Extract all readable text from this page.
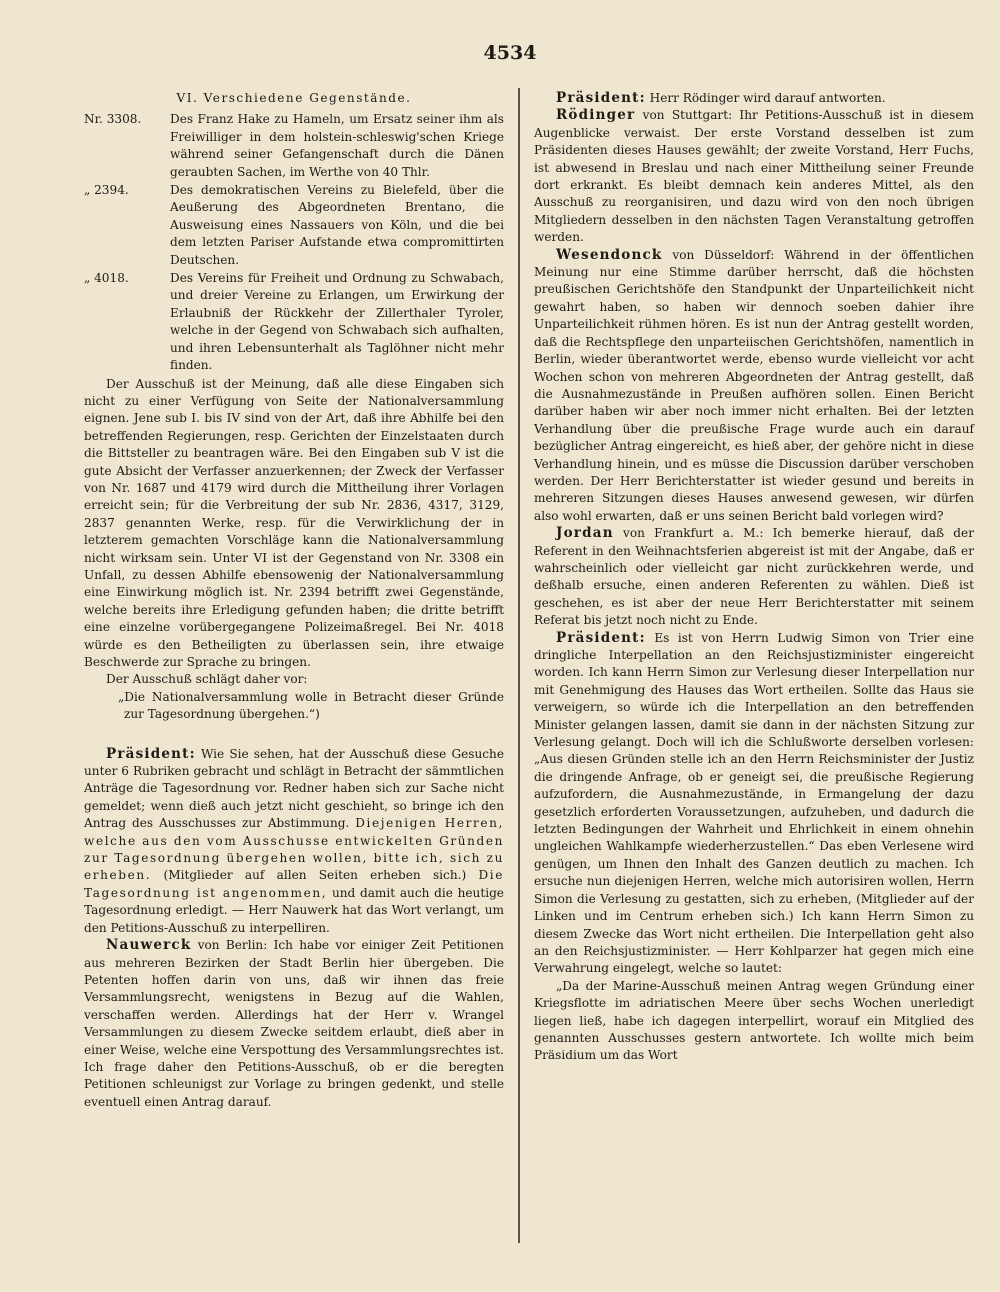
4534

VI. Verschiedene Gegenstände.

Nr. 3308.	Des Franz Hake zu Hameln, um Ersatz seiner ihm als Freiwilliger in dem holstein-schleswig'schen Kriege während seiner Gefangenschaft durch die Dänen geraubten Sachen, im Werthe von 40 Thlr.
„ 2394.	Des demokratischen Vereins zu Bielefeld, über die Aeußerung des Abgeordneten Brentano, die Ausweisung eines Nassauers von Köln, und die bei dem letzten Pariser Aufstande etwa compromittirten Deutschen.
„ 4018.	Des Vereins für Freiheit und Ordnung zu Schwabach, und dreier Vereine zu Erlangen, um Erwirkung der Erlaubniß der Rückkehr der Zillerthaler Tyroler, welche in der Gegend von Schwabach sich aufhalten, und ihren Lebensunterhalt als Taglöhner nicht mehr finden.

Der Ausschuß ist der Meinung, daß alle diese Eingaben sich nicht zu einer Verfügung von Seite der Nationalversammlung eignen. Jene sub I. bis IV sind von der Art, daß ihre Abhilfe bei den betreffenden Regierungen, resp. Gerichten der Einzelstaaten durch die Bittsteller zu beantragen wäre. Bei den Eingaben sub V ist die gute Absicht der Verfasser anzuerkennen; der Zweck der Verfasser von Nr. 1687 und 4179 wird durch die Mittheilung ihrer Vorlagen erreicht sein; für die Verbreitung der sub Nr. 2836, 4317, 3129, 2837 genannten Werke, resp. für die Verwirklichung der in letzterem gemachten Vorschläge kann die Nationalversammlung nicht wirksam sein. Unter VI ist der Gegenstand von Nr. 3308 ein Unfall, zu dessen Abhilfe ebensowenig der Nationalversammlung eine Einwirkung möglich ist. Nr. 2394 betrifft zwei Gegenstände, welche bereits ihre Erledigung gefunden haben; die dritte betrifft eine einzelne vorübergegangene Polizeimaßregel. Bei Nr. 4018 würde es den Betheiligten zu überlassen sein, ihre etwaige Beschwerde zur Sprache zu bringen.

Der Ausschuß schlägt daher vor:

„Die Nationalversammlung wolle in Betracht dieser Gründe zur Tagesordnung übergehen.“)

Präsident: Wie Sie sehen, hat der Ausschuß diese Gesuche unter 6 Rubriken gebracht und schlägt in Betracht der sämmtlichen Anträge die Tagesordnung vor. Redner haben sich zur Sache nicht gemeldet; wenn dieß auch jetzt nicht geschieht, so bringe ich den Antrag des Ausschusses zur Abstimmung. Diejenigen Herren, welche aus den vom Ausschusse entwickelten Gründen zur Tagesordnung übergehen wollen, bitte ich, sich zu erheben. (Mitglieder auf allen Seiten erheben sich.) Die Tagesordnung ist angenommen, und damit auch die heutige Tagesordnung erledigt. — Herr Nauwerk hat das Wort verlangt, um den Petitions-Ausschuß zu interpelliren.

Nauwerck von Berlin: Ich habe vor einiger Zeit Petitionen aus mehreren Bezirken der Stadt Berlin hier übergeben. Die Petenten hoffen darin von uns, daß wir ihnen das freie Versammlungsrecht, wenigstens in Bezug auf die Wahlen, verschaffen werden. Allerdings hat der Herr v. Wrangel Versammlungen zu diesem Zwecke seitdem erlaubt, dieß aber in einer Weise, welche eine Verspottung des Versammlungsrechtes ist. Ich frage daher den Petitions-Ausschuß, ob er die beregten Petitionen schleunigst zur Vorlage zu bringen gedenkt, und stelle eventuell einen Antrag darauf.

Präsident: Herr Rödinger wird darauf antworten.

Rödinger von Stuttgart: Ihr Petitions-Ausschuß ist in diesem Augenblicke verwaist. Der erste Vorstand desselben ist zum Präsidenten dieses Hauses gewählt; der zweite Vorstand, Herr Fuchs, ist abwesend in Breslau und nach einer Mittheilung seiner Freunde dort erkrankt. Es bleibt demnach kein anderes Mittel, als den Ausschuß zu reorganisiren, und dazu wird von den noch übrigen Mitgliedern desselben in den nächsten Tagen Veranstaltung getroffen werden.

Wesendonck von Düsseldorf: Während in der öffentlichen Meinung nur eine Stimme darüber herrscht, daß die höchsten preußischen Gerichtshöfe den Standpunkt der Unparteilichkeit nicht gewahrt haben, so haben wir dennoch soeben dahier ihre Unparteilichkeit rühmen hören. Es ist nun der Antrag gestellt worden, daß die Rechtspflege den unparteiischen Gerichtshöfen, namentlich in Berlin, wieder überantwortet werde, ebenso wurde vielleicht vor acht Wochen schon von mehreren Abgeordneten der Antrag gestellt, daß die Ausnahmezustände in Preußen aufhören sollen. Einen Bericht darüber haben wir aber noch immer nicht erhalten. Bei der letzten Verhandlung über die preußische Frage wurde auch ein darauf bezüglicher Antrag eingereicht, es hieß aber, der gehöre nicht in diese Verhandlung hinein, und es müsse die Discussion darüber verschoben werden. Der Herr Berichterstatter ist wieder gesund und bereits in mehreren Sitzungen dieses Hauses anwesend gewesen, wir dürfen also wohl erwarten, daß er uns seinen Bericht bald vorlegen wird?

Jordan von Frankfurt a. M.: Ich bemerke hierauf, daß der Referent in den Weihnachtsferien abgereist ist mit der Angabe, daß er wahrscheinlich oder vielleicht gar nicht zurückkehren werde, und deßhalb ersuche, einen anderen Referenten zu wählen. Dieß ist geschehen, es ist aber der neue Herr Berichterstatter mit seinem Referat bis jetzt noch nicht zu Ende.

Präsident: Es ist von Herrn Ludwig Simon von Trier eine dringliche Interpellation an den Reichsjustizminister eingereicht worden. Ich kann Herrn Simon zur Verlesung dieser Interpellation nur mit Genehmigung des Hauses das Wort ertheilen. Sollte das Haus sie verweigern, so würde ich die Interpellation an den betreffenden Minister gelangen lassen, damit sie dann in der nächsten Sitzung zur Verlesung gelangt. Doch will ich die Schlußworte derselben vorlesen: „Aus diesen Gründen stelle ich an den Herrn Reichsminister der Justiz die dringende Anfrage, ob er geneigt sei, die preußische Regierung aufzufordern, die Ausnahmezustände, in Ermangelung der dazu gesetzlich erforderten Voraussetzungen, aufzuheben, und dadurch die letzten Bedingungen der Wahrheit und Ehrlichkeit in einem ohnehin ungleichen Wahlkampfe wiederherzustellen.“ Das eben Verlesene wird genügen, um Ihnen den Inhalt des Ganzen deutlich zu machen. Ich ersuche nun diejenigen Herren, welche mich autorisiren wollen, Herrn Simon die Verlesung zu gestatten, sich zu erheben, (Mitglieder auf der Linken und im Centrum erheben sich.) Ich kann Herrn Simon zu diesem Zwecke das Wort nicht ertheilen. Die Interpellation geht also an den Reichsjustizminister. — Herr Kohlparzer hat gegen mich eine Verwahrung eingelegt, welche so lautet:

„Da der Marine-Ausschuß meinen Antrag wegen Gründung einer Kriegsflotte im adriatischen Meere über sechs Wochen unerledigt liegen ließ, habe ich dagegen interpellirt, worauf ein Mitglied des genannten Ausschusses gestern antwortete. Ich wollte mich beim Präsidium um das Wort
